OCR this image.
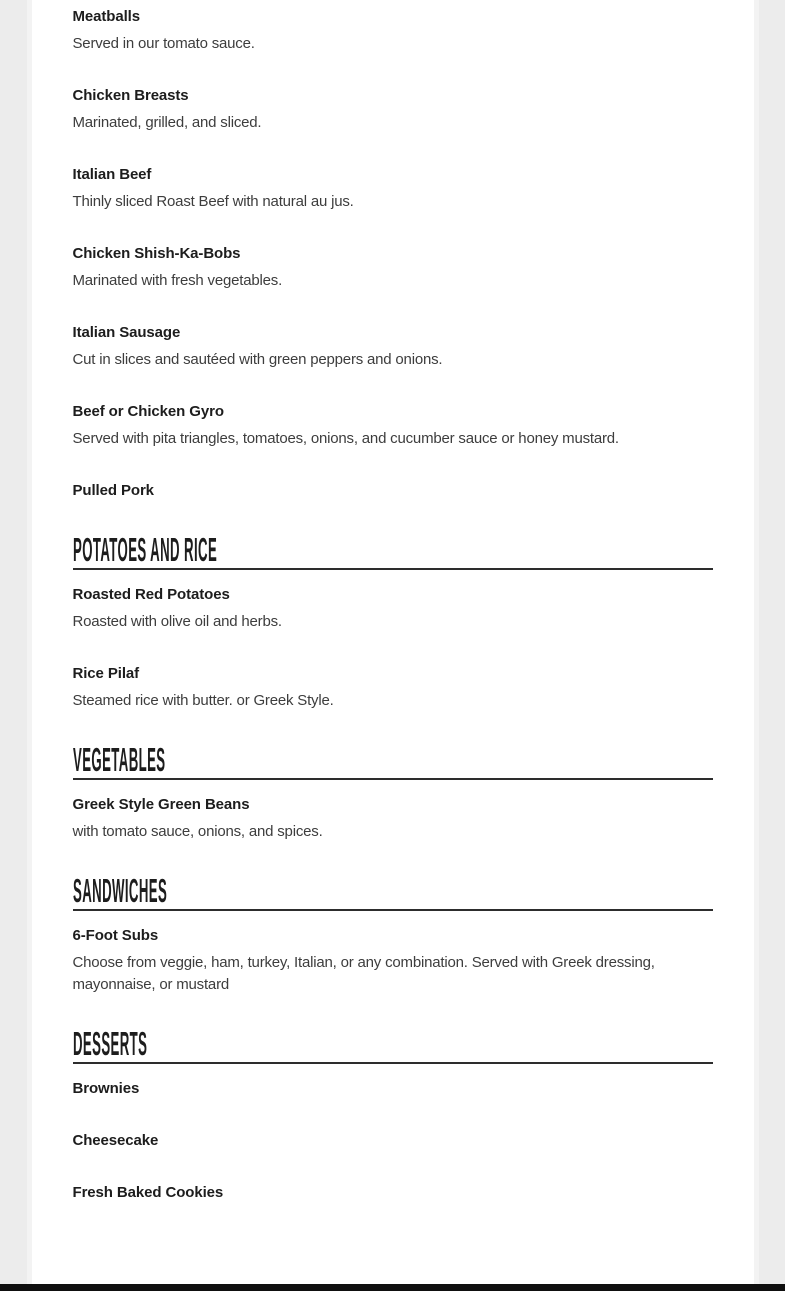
Meatballs

Served in our tomato sauce.

Chicken Breasts

Marinated, grilled, and sliced.

Italian Beef

Thinly sliced Roast Beef with natural au jus.

Chicken Shish-Ka-Bobs

Marinated with fresh vegetables.

Italian Sausage

Cut in slices and sautéed with green peppers and onions.

Beef or Chicken Gyro

Served with pita triangles, tomatoes, onions, and cucumber sauce or honey mustard.

Pulled Pork
POTATOES AND RICE
Roasted Red Potatoes

Roasted with olive oil and herbs.

Rice Pilaf

Steamed rice with butter. or Greek Style.

VEGETABLES
Greek Style Green Beans

with tomato sauce, onions, and spices.

SANDWICHES
6-Foot Subs

Choose from veggie, ham, turkey, Italian, or any combination. Served with Greek dressing, mayonnaise, or mustard

DESSERTS
Brownies
Cheesecake
Fresh Baked Cookies
